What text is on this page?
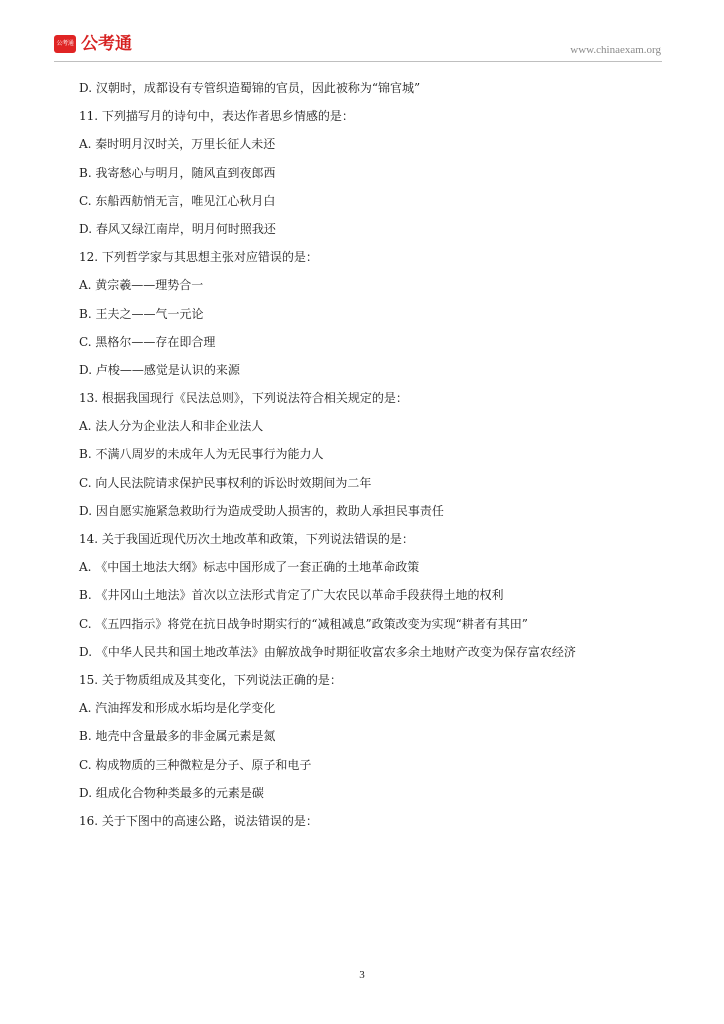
公考通 公考通	www.chinaexam.org
D. 汉朝时，成都设有专管织造蜀锦的官员，因此被称为“锦官城”
11. 下列描写月的诗句中，表达作者思乡情感的是：
A. 秦时明月汉时关，万里长征人未还
B. 我寄愁心与明月，随风直到夜郎西
C. 东船西舫悄无言，唯见江心秋月白
D. 春风又绿江南岸，明月何时照我还
12. 下列哲学家与其思想主张对应错误的是：
A. 黄宗羲——理势合一
B. 王夫之——气一元论
C. 黑格尔——存在即合理
D. 卢梭——感觉是认识的来源
13. 根据我国现行《民法总则》，下列说法符合相关规定的是：
A. 法人分为企业法人和非企业法人
B. 不满八周岁的未成年人为无民事行为能力人
C. 向人民法院请求保护民事权利的诉讼时效期间为二年
D. 因自愿实施紧急救助行为造成受助人损害的，救助人承担民事责任
14. 关于我国近现代历次土地改革和政策，下列说法错误的是：
A. 《中国土地法大纲》标志中国形成了一套正确的土地革命政策
B. 《井冈山土地法》首次以立法形式肯定了广大农民以革命手段获得土地的权利
C. 《五四指示》将党在抗日战争时期实行的“减租减息”政策改变为实现“耕者有其田”
D. 《中华人民共和国土地改革法》由解放战争时期征收富农多余土地财产改变为保存富农经济
15. 关于物质组成及其变化，下列说法正确的是：
A. 汽油挥发和形成水垢均是化学变化
B. 地壳中含量最多的非金属元素是氮
C. 构成物质的三种微粒是分子、原子和电子
D. 组成化合物种类最多的元素是碳
16. 关于下图中的高速公路，说法错误的是：
3
